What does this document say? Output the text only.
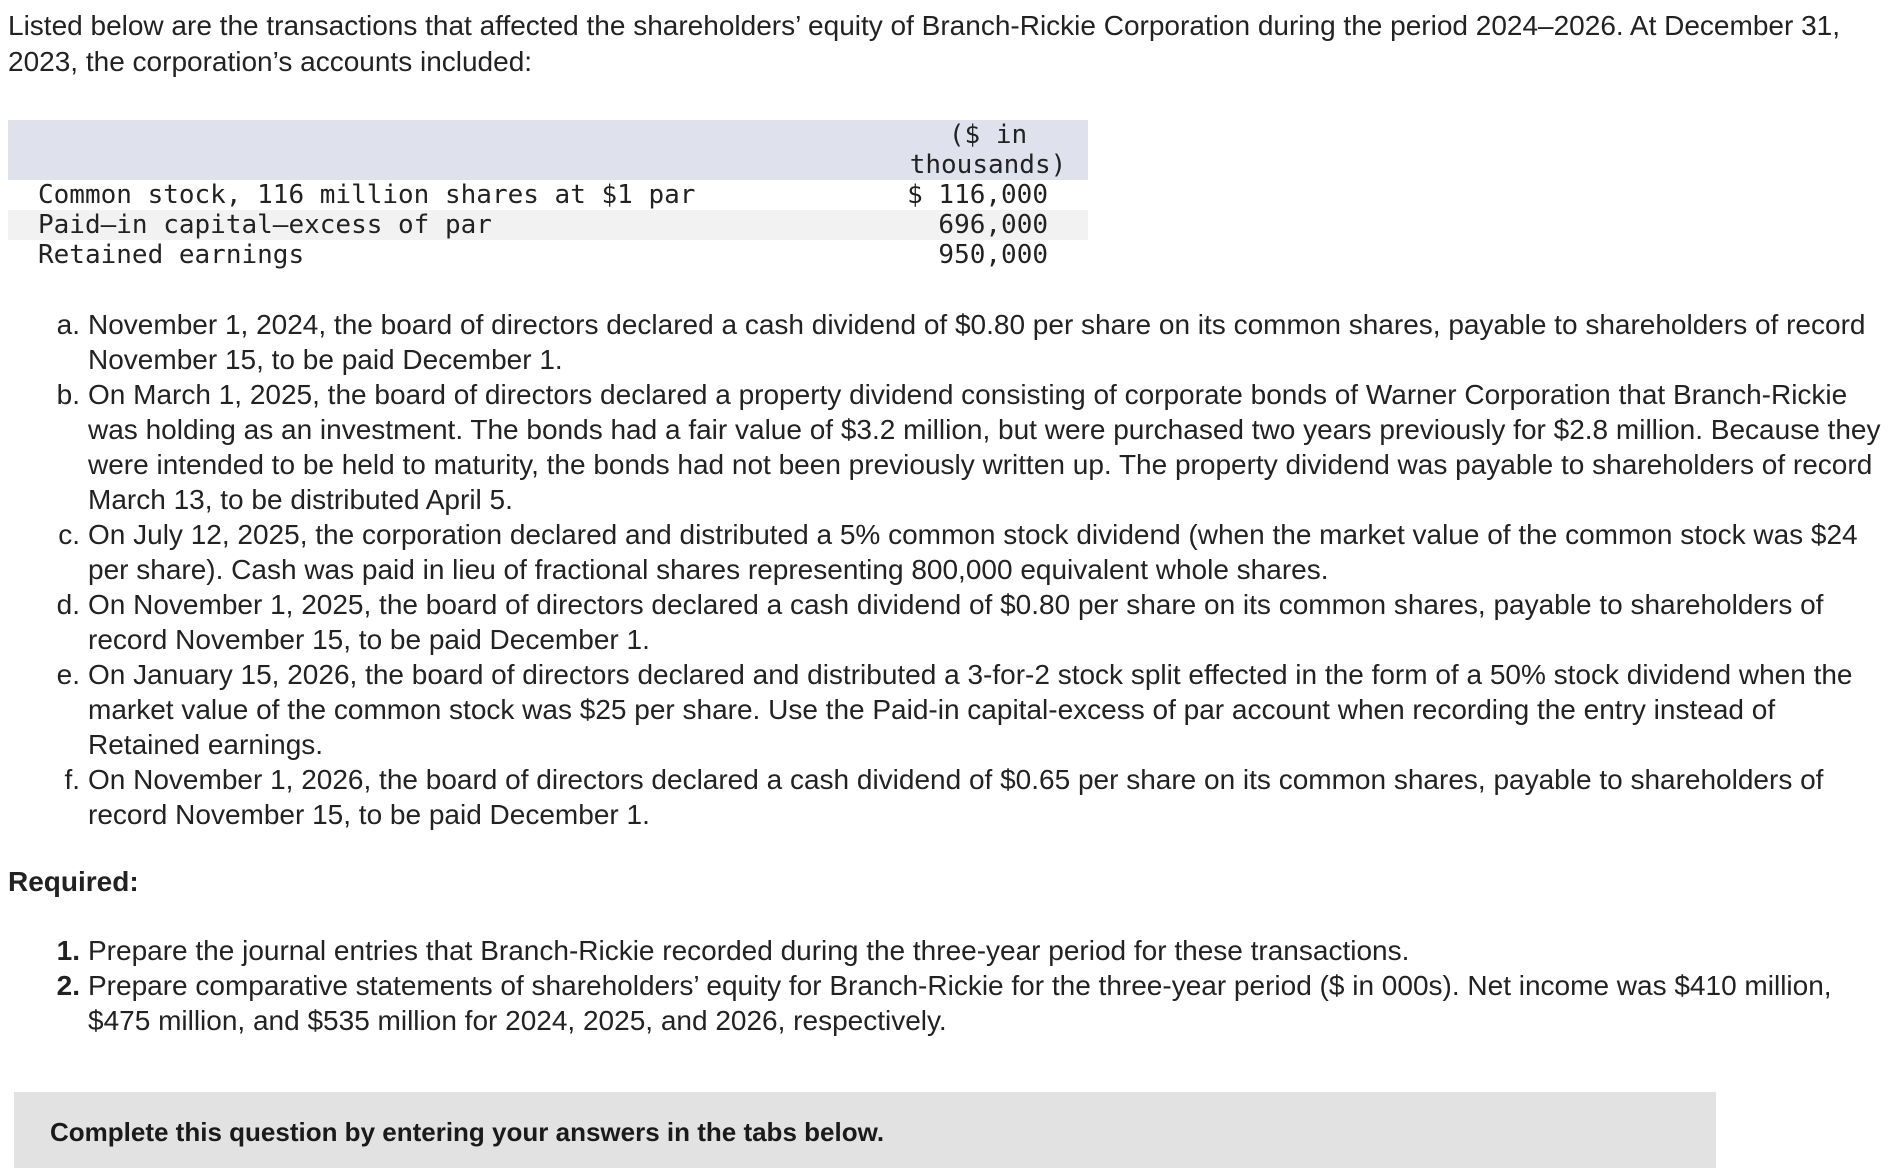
Listed below are the transactions that affected the shareholders’ equity of Branch-Rickie Corporation during the period 2024–2026. At December 31, 2023, the corporation’s accounts included:

	($ in
thousands)
Common stock, 116 million shares at $1 par	$ 116,000
Paid–in capital—excess of par	696,000
Retained earnings	950,000
a. November 1, 2024, the board of directors declared a cash dividend of $0.80 per share on its common shares, payable to shareholders of record November 15, to be paid December 1.
b. On March 1, 2025, the board of directors declared a property dividend consisting of corporate bonds of Warner Corporation that Branch-Rickie was holding as an investment. The bonds had a fair value of $3.2 million, but were purchased two years previously for $2.8 million. Because they were intended to be held to maturity, the bonds had not been previously written up. The property dividend was payable to shareholders of record March 13, to be distributed April 5.
c. On July 12, 2025, the corporation declared and distributed a 5% common stock dividend (when the market value of the common stock was $24 per share). Cash was paid in lieu of fractional shares representing 800,000 equivalent whole shares.
d. On November 1, 2025, the board of directors declared a cash dividend of $0.80 per share on its common shares, payable to shareholders of record November 15, to be paid December 1.
e. On January 15, 2026, the board of directors declared and distributed a 3-for-2 stock split effected in the form of a 50% stock dividend when the market value of the common stock was $25 per share. Use the Paid-in capital-excess of par account when recording the entry instead of Retained earnings.
f. On November 1, 2026, the board of directors declared a cash dividend of $0.65 per share on its common shares, payable to shareholders of record November 15, to be paid December 1.

Required:

1. Prepare the journal entries that Branch-Rickie recorded during the three-year period for these transactions.
2. Prepare comparative statements of shareholders’ equity for Branch-Rickie for the three-year period ($ in 000s). Net income was $410 million, $475 million, and $535 million for 2024, 2025, and 2026, respectively.
Complete this question by entering your answers in the tabs below.
